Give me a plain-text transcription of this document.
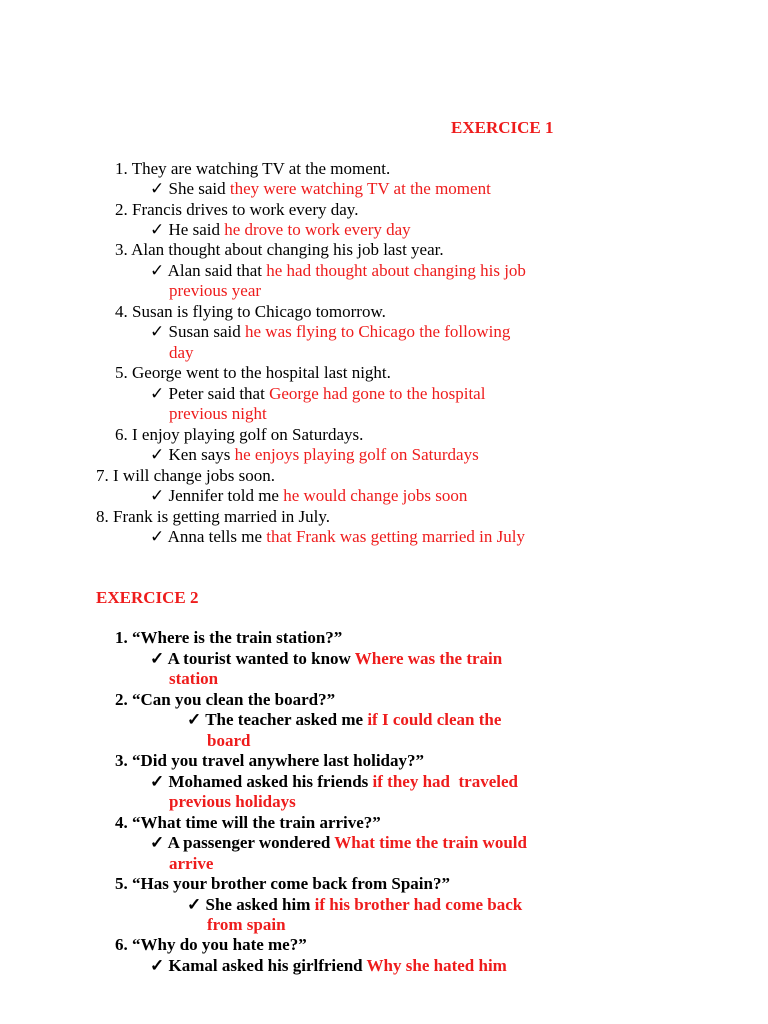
EXERCICE 1
1. They are watching TV at the moment.
✓ She said they were watching TV at the moment
2. Francis drives to work every day.
✓ He said he drove to work every day
3. Alan thought about changing his job last year.
✓ Alan said that he had thought about changing his job
previous year
4. Susan is flying to Chicago tomorrow.
✓ Susan said he was flying to Chicago the following
day
5. George went to the hospital last night.
✓ Peter said that George had gone to the hospital
previous night
6. I enjoy playing golf on Saturdays.
✓ Ken says he enjoys playing golf on Saturdays
7. I will change jobs soon.
✓ Jennifer told me he would change jobs soon
8. Frank is getting married in July.
✓ Anna tells me that Frank was getting married in July
EXERCICE 2
1. “Where is the train station?”
✓ A tourist wanted to know Where was the train
station
2. “Can you clean the board?”
✓ The teacher asked me if I could clean the
board
3. “Did you travel anywhere last holiday?”
✓ Mohamed asked his friends if they had  traveled
previous holidays
4. “What time will the train arrive?”
✓ A passenger wondered What time the train would
arrive
5. “Has your brother come back from Spain?”
✓ She asked him if his brother had come back
from spain
6. “Why do you hate me?”
✓ Kamal asked his girlfriend Why she hated him
